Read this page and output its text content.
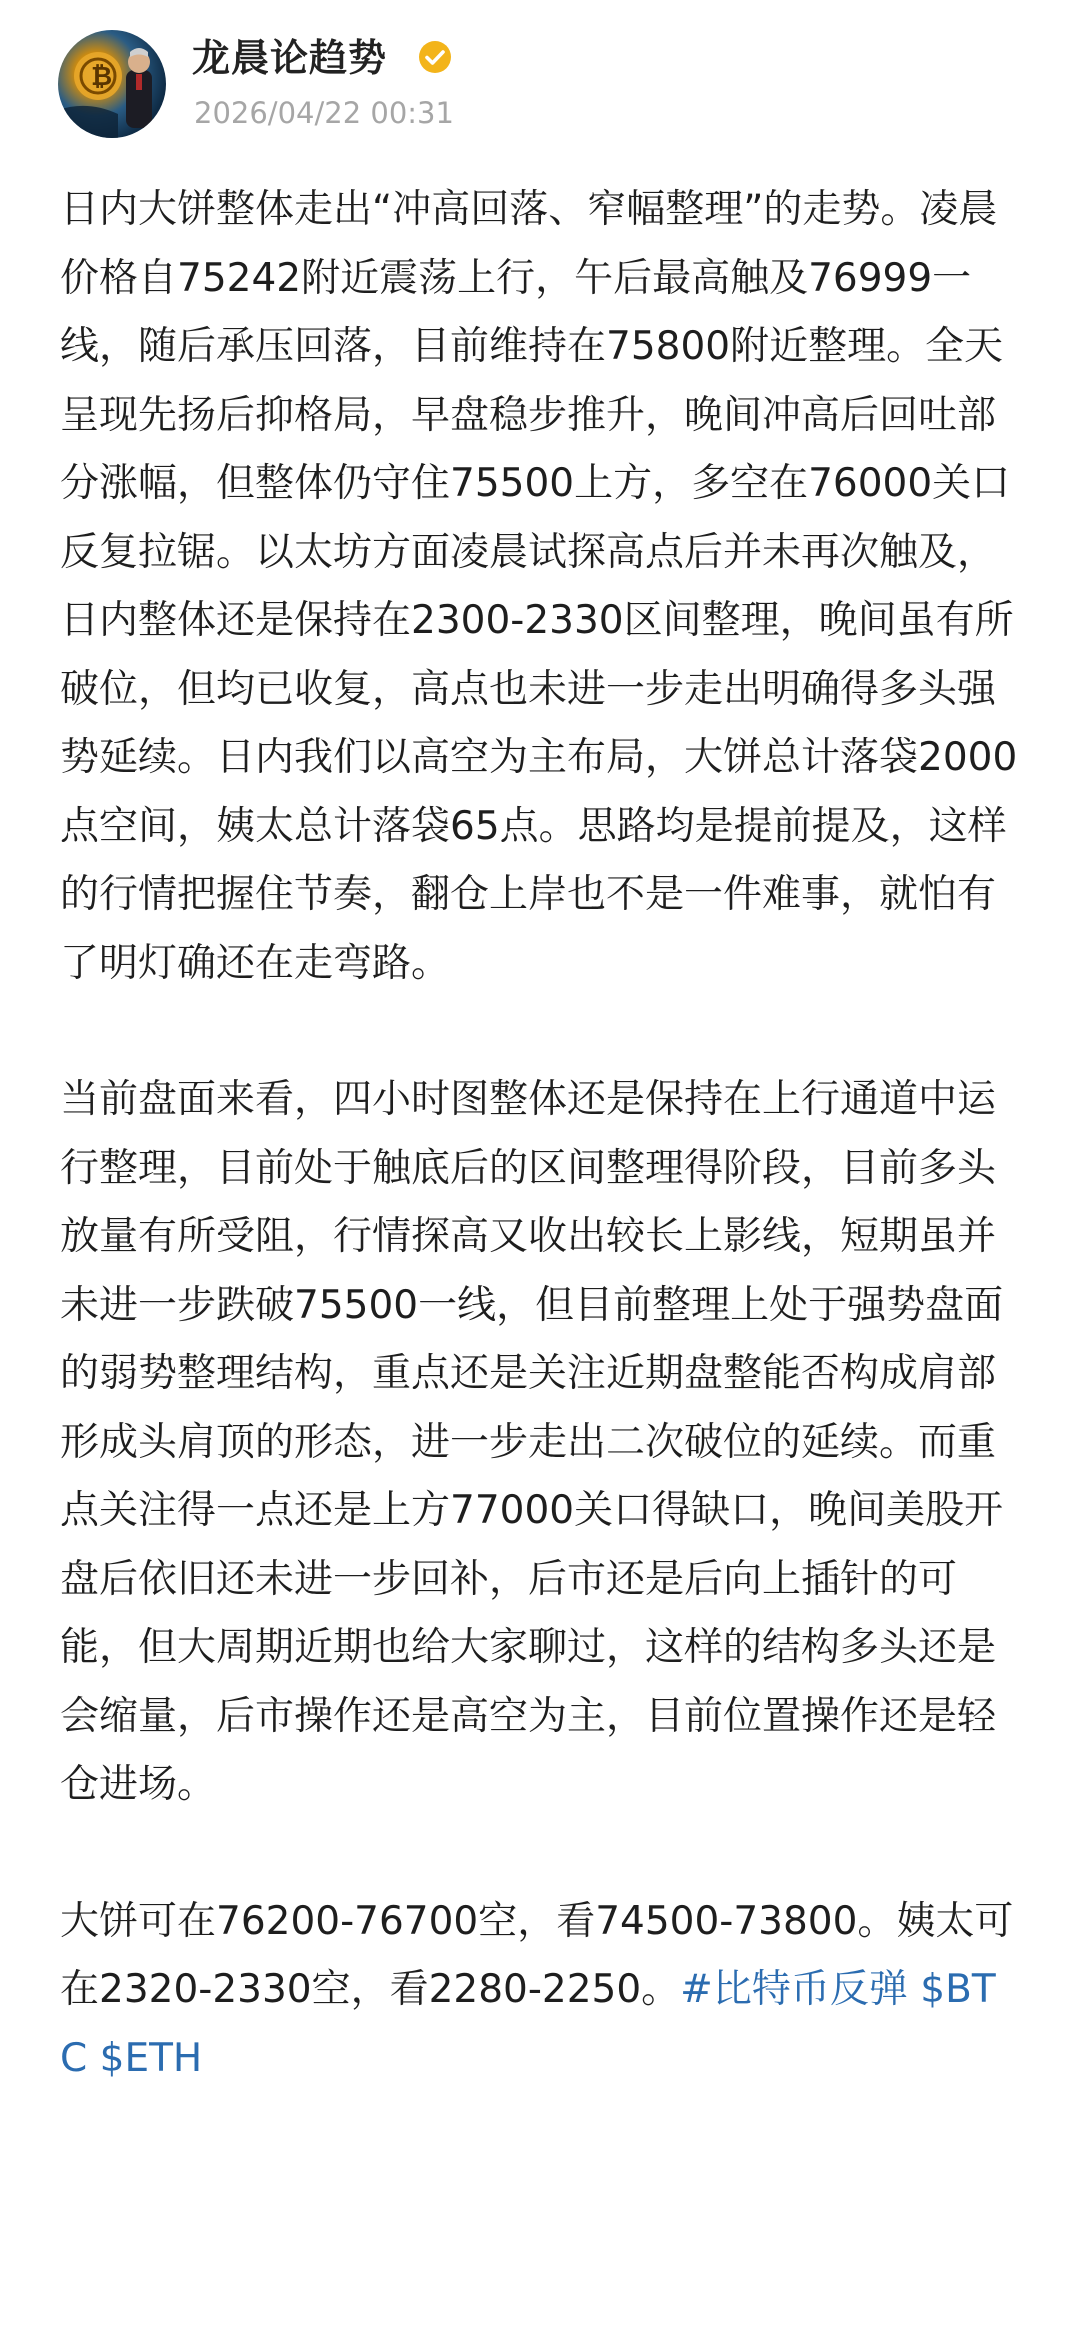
₿ 龙晨论趋势
2026/04/22 00:31

日内大饼整体走出“冲高回落、窄幅整理”的走势。凌晨价格自75242附近震荡上行，午后最高触及76999一线，随后承压回落，目前维持在75800附近整理。全天呈现先扬后抑格局，早盘稳步推升，晚间冲高后回吐部分涨幅，但整体仍守住75500上方，多空在76000关口反复拉锯。以太坊方面凌晨试探高点后并未再次触及，日内整体还是保持在2300-2330区间整理，晚间虽有所破位，但均已收复，高点也未进一步走出明确得多头强势延续。日内我们以高空为主布局，大饼总计落袋2000点空间，姨太总计落袋65点。思路均是提前提及，这样的行情把握住节奏，翻仓上岸也不是一件难事，就怕有了明灯确还在走弯路。

当前盘面来看，四小时图整体还是保持在上行通道中运行整理，目前处于触底后的区间整理得阶段，目前多头放量有所受阻，行情探高又收出较长上影线，短期虽并未进一步跌破75500一线，但目前整理上处于强势盘面的弱势整理结构，重点还是关注近期盘整能否构成肩部形成头肩顶的形态，进一步走出二次破位的延续。而重点关注得一点还是上方77000关口得缺口，晚间美股开盘后依旧还未进一步回补，后市还是后向上插针的可能，但大周期近期也给大家聊过，这样的结构多头还是会缩量，后市操作还是高空为主，目前位置操作还是轻仓进场。

大饼可在76200-76700空，看74500-73800。姨太可在2320-2330空，看2280-2250。#比特币反弹 $BTC $ETH
